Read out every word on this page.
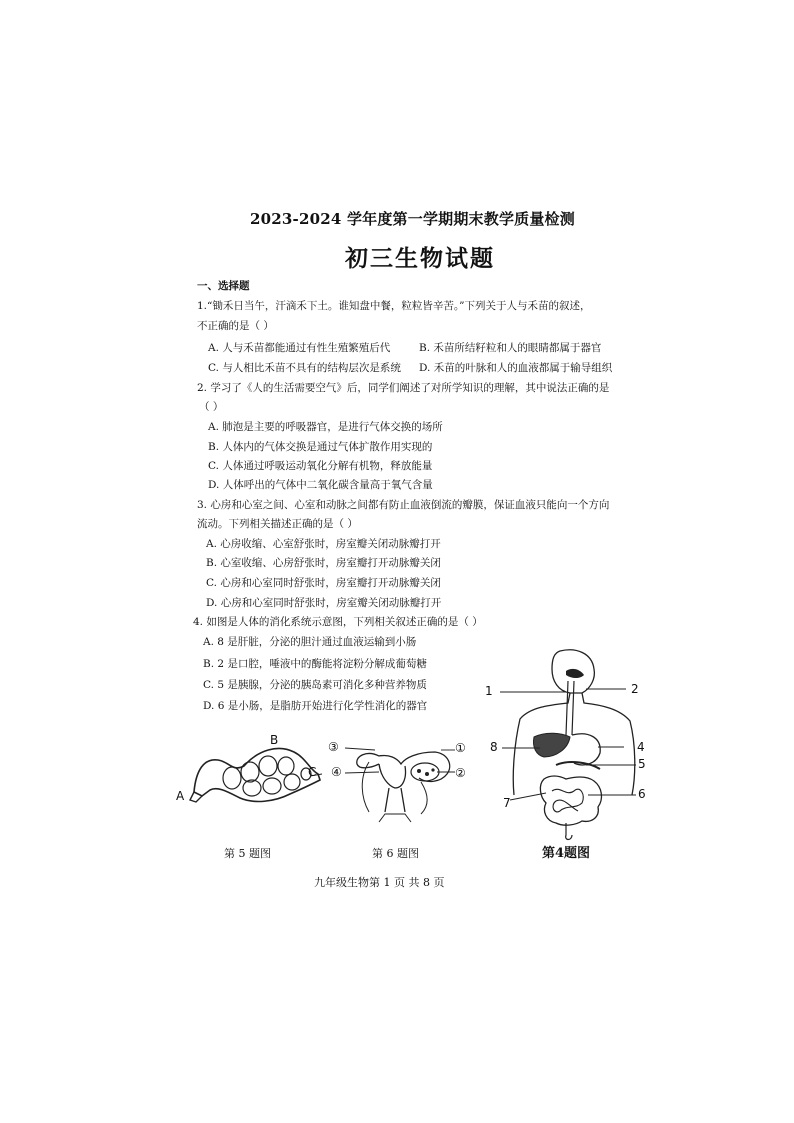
2023-2024 学年度第一学期期末教学质量检测
初三生物试题
一、选择题
1.“锄禾日当午，汗滴禾下土。谁知盘中餐，粒粒皆辛苦。”下列关于人与禾苗的叙述，
不正确的是（ ）
A. 人与禾苗都能通过有性生殖繁殖后代	B. 禾苗所结籽粒和人的眼睛都属于器官
C. 与人相比禾苗不具有的结构层次是系统 D. 禾苗的叶脉和人的血液都属于输导组织
2. 学习了《人的生活需要空气》后，同学们阐述了对所学知识的理解，其中说法正确的是
（ ）
A. 肺泡是主要的呼吸器官，是进行气体交换的场所
B. 人体内的气体交换是通过气体扩散作用实现的
C. 人体通过呼吸运动氧化分解有机物，释放能量
D. 人体呼出的气体中二氧化碳含量高于氧气含量
3. 心房和心室之间、心室和动脉之间都有防止血液倒流的瓣膜，保证血液只能向一个方向
流动。下列相关描述正确的是（ ）
A. 心房收缩、心室舒张时，房室瓣关闭动脉瓣打开
B. 心室收缩、心房舒张时，房室瓣打开动脉瓣关闭
C. 心房和心室同时舒张时，房室瓣打开动脉瓣关闭
D. 心房和心室同时舒张时，房室瓣关闭动脉瓣打开
4. 如图是人体的消化系统示意图，下列相关叙述正确的是（ ）
A. 8 是肝脏，分泌的胆汁通过血液运输到小肠
B. 2 是口腔，唾液中的酶能将淀粉分解成葡萄糖
C. 5 是胰腺，分泌的胰岛素可消化多种营养物质
D. 6 是小肠，是脂肪开始进行化学性消化的器官
A
B
C
③	①
④	②
1	2
8	4
5
7
6
第 5 题图	第 6 题图	第4题图
九年级生物第 1 页 共 8 页
